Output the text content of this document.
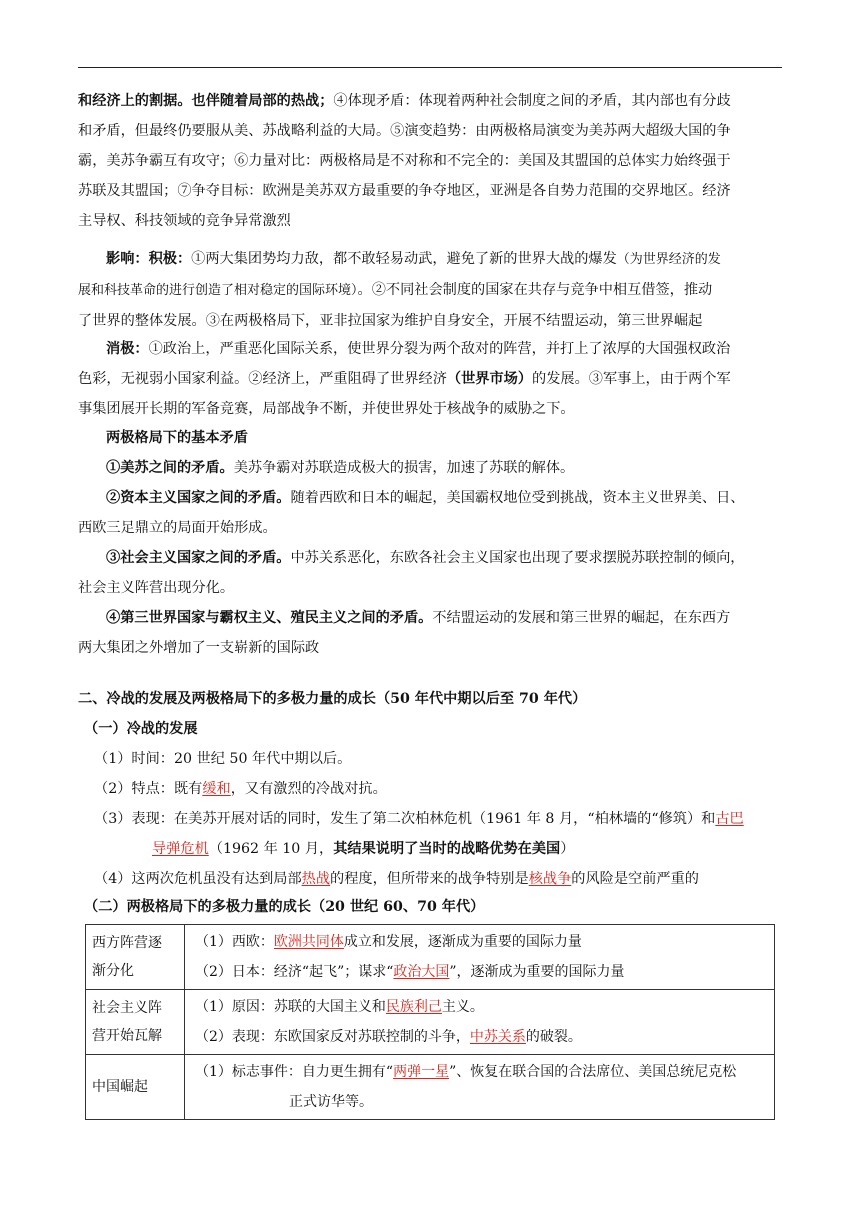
和经济上的割据。也伴随着局部的热战；④体现矛盾：体现着两种社会制度之间的矛盾，其内部也有分歧
和矛盾，但最终仍要服从美、苏战略利益的大局。⑤演变趋势：由两极格局演变为美苏两大超级大国的争
霸，美苏争霸互有攻守；⑥力量对比：两极格局是不对称和不完全的：美国及其盟国的总体实力始终强于
苏联及其盟国；⑦争夺目标：欧洲是美苏双方最重要的争夺地区，亚洲是各自势力范围的交界地区。经济
主导权、科技领域的竞争异常激烈
影响：积极：①两大集团势均力敌，都不敢轻易动武，避免了新的世界大战的爆发（为世界经济的发
展和科技革命的进行创造了相对稳定的国际环境）。②不同社会制度的国家在共存与竞争中相互借签，推动
了世界的整体发展。③在两极格局下，亚非拉国家为维护自身安全，开展不结盟运动，第三世界崛起
消极：①政治上，严重恶化国际关系，使世界分裂为两个敌对的阵营，并打上了浓厚的大国强权政治
色彩，无视弱小国家利益。②经济上，严重阻碍了世界经济（世界市场）的发展。③军事上，由于两个军
事集团展开长期的军备竞赛，局部战争不断，并使世界处于核战争的威胁之下。
两极格局下的基本矛盾
①美苏之间的矛盾。美苏争霸对苏联造成极大的损害，加速了苏联的解体。
②资本主义国家之间的矛盾。随着西欧和日本的崛起，美国霸权地位受到挑战，资本主义世界美、日、
西欧三足鼎立的局面开始形成。
③社会主义国家之间的矛盾。中苏关系恶化，东欧各社会主义国家也出现了要求摆脱苏联控制的倾向，
社会主义阵营出现分化。
④第三世界国家与霸权主义、殖民主义之间的矛盾。不结盟运动的发展和第三世界的崛起，在东西方
两大集团之外增加了一支崭新的国际政
二、冷战的发展及两极格局下的多极力量的成长（50 年代中期以后至 70 年代）
（一）冷战的发展
（1）时间：20 世纪 50 年代中期以后。
（2）特点：既有缓和，又有激烈的冷战对抗。
（3）表现：在美苏开展对话的同时，发生了第二次柏林危机（1961 年 8 月，“柏林墙的“修筑）和古巴
导弹危机（1962 年 10 月，其结果说明了当时的战略优势在美国）
（4）这两次危机虽没有达到局部热战的程度，但所带来的战争特别是核战争的风险是空前严重的
（二）两极格局下的多极力量的成长（20 世纪 60、70 年代）
西方阵营逐
渐分化	（1）西欧：欧洲共同体成立和发展，逐渐成为重要的国际力量
（2）日本：经济“起飞”；谋求“政治大国”，逐渐成为重要的国际力量

社会主义阵
营开始瓦解	（1）原因：苏联的大国主义和民族利己主义。
（2）表现：东欧国家反对苏联控制的斗争，中苏关系的破裂。

中国崛起	（1）标志事件：自力更生拥有“两弹一星”、恢复在联合国的合法席位、美国总统尼克松
正式访华等。
